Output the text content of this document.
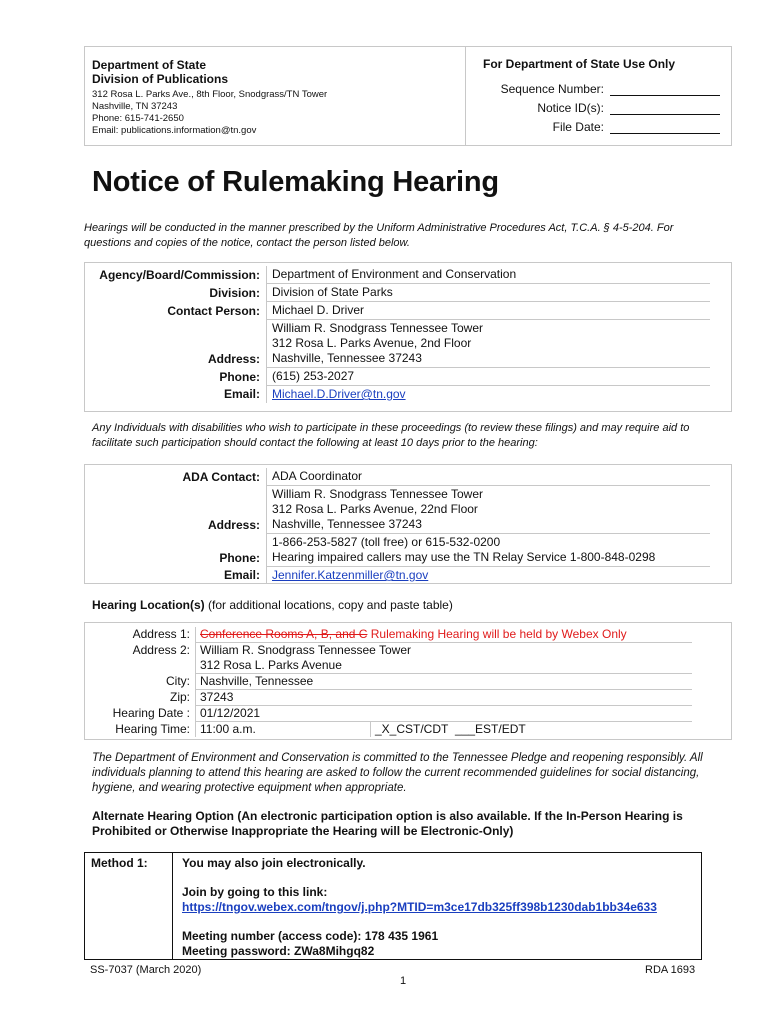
Department of State
Division of Publications
312 Rosa L. Parks Ave., 8th Floor, Snodgrass/TN Tower
Nashville, TN 37243
Phone: 615-741-2650
Email: publications.information@tn.gov
For Department of State Use Only
Sequence Number:
Notice ID(s):
File Date:
Notice of Rulemaking Hearing
Hearings will be conducted in the manner prescribed by the Uniform Administrative Procedures Act, T.C.A. § 4-5-204. For questions and copies of the notice, contact the person listed below.
Agency/Board/Commission:	Department of Environment and Conservation
Division:	Division of State Parks
Contact Person:	Michael D. Driver
Address:	William R. Snodgrass Tennessee Tower
312 Rosa L. Parks Avenue, 2nd Floor
Nashville, Tennessee 37243

Phone:	(615) 253-2027
Email:	Michael.D.Driver@tn.gov
Any Individuals with disabilities who wish to participate in these proceedings (to review these filings) and may require aid to facilitate such participation should contact the following at least 10 days prior to the hearing:
ADA Contact:	ADA Coordinator
Address:	William R. Snodgrass Tennessee Tower
312 Rosa L. Parks Avenue, 22nd Floor
Nashville, Tennessee 37243

Phone:	1-866-253-5827 (toll free) or 615-532-0200
Hearing impaired callers may use the TN Relay Service 1-800-848-0298

Email:	Jennifer.Katzenmiller@tn.gov
Hearing Location(s) (for additional locations, copy and paste table)
Address 1:	Conference Rooms A, B, and C Rulemaking Hearing will be held by Webex Only
Address 2:	William R. Snodgrass Tennessee Tower
312 Rosa L. Parks Avenue

City:	Nashville, Tennessee
Zip:	37243
Hearing Date :	01/12/2021
Hearing Time:	11:00 a.m. _X_CST/CDT ___EST/EDT
The Department of Environment and Conservation is committed to the Tennessee Pledge and reopening responsibly. All individuals planning to attend this hearing are asked to follow the current recommended guidelines for social distancing, hygiene, and wearing protective equipment when appropriate.
Alternate Hearing Option (An electronic participation option is also available. If the In-Person Hearing is Prohibited or Otherwise Inappropriate the Hearing will be Electronic-Only)
Method 1:	You may also join electronically.
Join by going to this link:
https://tngov.webex.com/tngov/j.php?MTID=m3ce17db325ff398b1230dab1bb34e633
Meeting number (access code): 178 435 1961
Meeting password: ZWa8Mihgq82
SS-7037 (March 2020)
1
RDA 1693
